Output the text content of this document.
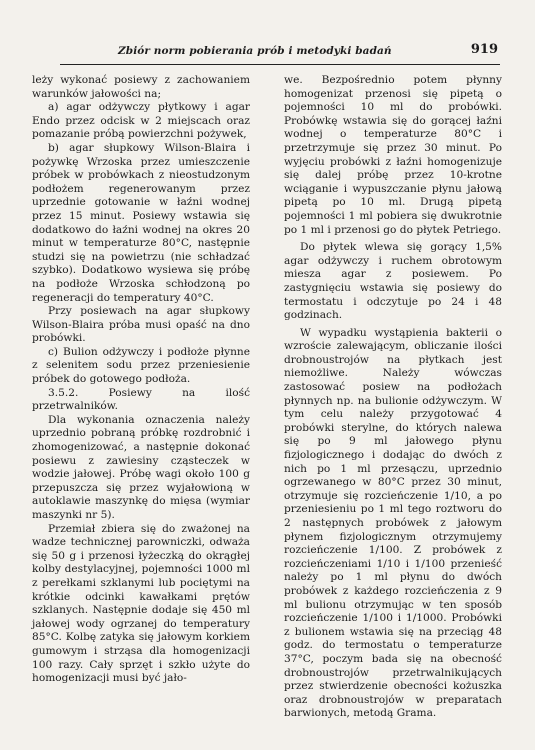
Zbiór norm pobierania prób i metodyki badań	919

leży wykonać posiewy z zachowaniem warunków jałowości na;

a) agar odżywczy płytkowy i agar Endo przez odcisk w 2 miejscach oraz pomazanie próbą powierzchni pożywek,

b) agar słupkowy Wilson-Blaira i pożywkę Wrzoska przez umieszczenie próbek w probówkach z nieostudzonym podłożem regenerowanym przez uprzednie gotowanie w łaźni wodnej przez 15 minut. Posiewy wstawia się dodatkowo do łaźni wodnej na okres 20 minut w temperaturze 80°C, następnie studzi się na powietrzu (nie schładzać szybko). Dodatkowo wysiewa się próbę na podłoże Wrzoska schłodzoną po regeneracji do temperatury 40°C.

Przy posiewach na agar słupkowy Wilson-Blaira próba musi opaść na dno probówki.

c) Bulion odżywczy i podłoże płynne z selenitem sodu przez przeniesienie próbek do gotowego podłoża.

3.5.2. Posiewy na ilość przetrwalników.

Dla wykonania oznaczenia należy uprzednio pobraną próbkę rozdrobnić i zhomogenizować, a następnie dokonać posiewu z zawiesiny cząsteczek w wodzie jałowej. Próbę wagi około 100 g przepuszcza się przez wyjałowioną w autoklawie maszynkę do mięsa (wymiar maszynki nr 5).

Przemiał zbiera się do zważonej na wadze technicznej parowniczki, odważa się 50 g i przenosi łyżeczką do okrągłej kolby destylacyjnej, pojemności 1000 ml z perełkami szklanymi lub pociętymi na krótkie odcinki kawałkami prętów szklanych. Następnie dodaje się 450 ml jałowej wody ogrzanej do temperatury 85°C. Kolbę zatyka się jałowym korkiem gumowym i strząsa dla homogenizacji 100 razy. Cały sprzęt i szkło użyte do homogenizacji musi być jało-

we. Bezpośrednio potem płynny homogenizat przenosi się pipetą o pojemności 10 ml do probówki. Probówkę wstawia się do gorącej łaźni wodnej o temperaturze 80°C i przetrzymuje się przez 30 minut. Po wyjęciu probówki z łaźni homogenizuje się dalej próbę przez 10-krotne wciąganie i wypuszczanie płynu jałową pipetą po 10 ml. Drugą pipetą pojemności 1 ml pobiera się dwukrotnie po 1 ml i przenosi go do płytek Petriego.

Do płytek wlewa się gorący 1,5% agar odżywczy i ruchem obrotowym miesza agar z posiewem. Po zastygnięciu wstawia się posiewy do termostatu i odczytuje po 24 i 48 godzinach.

W wypadku wystąpienia bakterii o wzroście zalewającym, obliczanie ilości drobnoustrojów na płytkach jest niemożliwe. Należy wówczas zastosować posiew na podłożach płynnych np. na bulionie odżywczym. W tym celu należy przygotować 4 probówki sterylne, do których nalewa się po 9 ml jałowego płynu fizjologicznego i dodając do dwóch z nich po 1 ml przesączu, uprzednio ogrzewanego w 80°C przez 30 minut, otrzymuje się rozcieńczenie 1/10, a po przeniesieniu po 1 ml tego roztworu do 2 następnych probówek z jałowym płynem fizjologicznym otrzymujemy rozcieńczenie 1/100. Z probówek z rozcieńczeniami 1/10 i 1/100 przenieść należy po 1 ml płynu do dwóch probówek z każdego rozcieńczenia z 9 ml bulionu otrzymując w ten sposób rozcieńczenie 1/100 i 1/1000. Probówki z bulionem wstawia się na przeciąg 48 godz. do termostatu o temperaturze 37°C, poczym bada się na obecność drobnoustrojów przetrwalnikujących przez stwierdzenie obecności kożuszka oraz drobnoustrojów w preparatach barwionych, metodą Grama.
